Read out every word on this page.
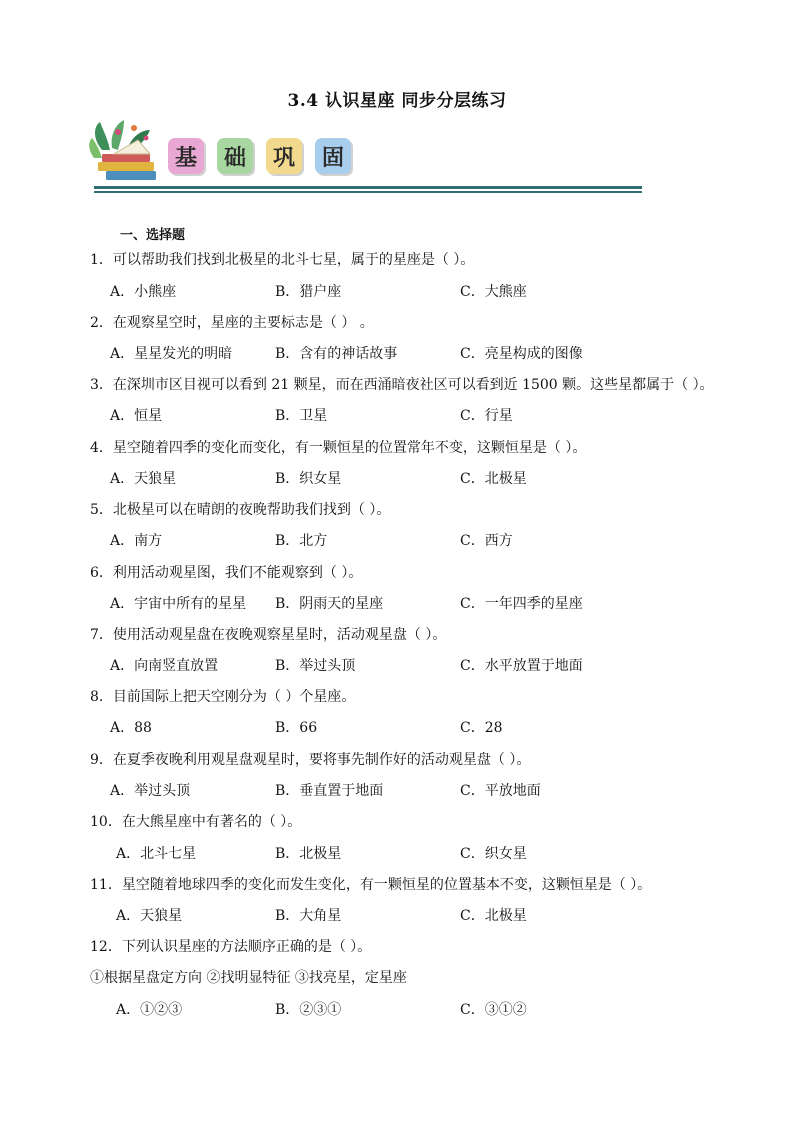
3.4 认识星座 同步分层练习
基	础	巩	固
一、选择题
1．可以帮助我们找到北极星的北斗七星，属于的星座是（ ）。
A．小熊座	B．猎户座	C．大熊座
2．在观察星空时，星座的主要标志是（ ） 。
A．星星发光的明暗	B．含有的神话故事	C．亮星构成的图像
3．在深圳市区目视可以看到 21 颗星，而在西涌暗夜社区可以看到近 1500 颗。这些星都属于（ ）。
A．恒星	B．卫星	C．行星
4．星空随着四季的变化而变化，有一颗恒星的位置常年不变，这颗恒星是（ ）。
A．天狼星	B．织女星	C．北极星
5．北极星可以在晴朗的夜晚帮助我们找到（ ）。
A．南方	B．北方	C．西方
6．利用活动观星图，我们不能观察到（ ）。
A．宇宙中所有的星星 B．阴雨天的星座	C．一年四季的星座
7．使用活动观星盘在夜晚观察星星时，活动观星盘（ ）。
A．向南竖直放置	B．举过头顶	C．水平放置于地面
8．目前国际上把天空刚分为（ ）个星座。
A．88	B．66	C．28
9．在夏季夜晚利用观星盘观星时，要将事先制作好的活动观星盘（ ）。
A．举过头顶	B．垂直置于地面	C．平放地面
10．在大熊星座中有著名的（ ）。
A．北斗七星	B．北极星	C．织女星
11．星空随着地球四季的变化而发生变化，有一颗恒星的位置基本不变，这颗恒星是（ ）。
A．天狼星	B．大角星	C．北极星
12．下列认识星座的方法顺序正确的是（ ）。
①根据星盘定方向 ②找明显特征 ③找亮星，定星座
A．①②③	B．②③①	C．③①②
